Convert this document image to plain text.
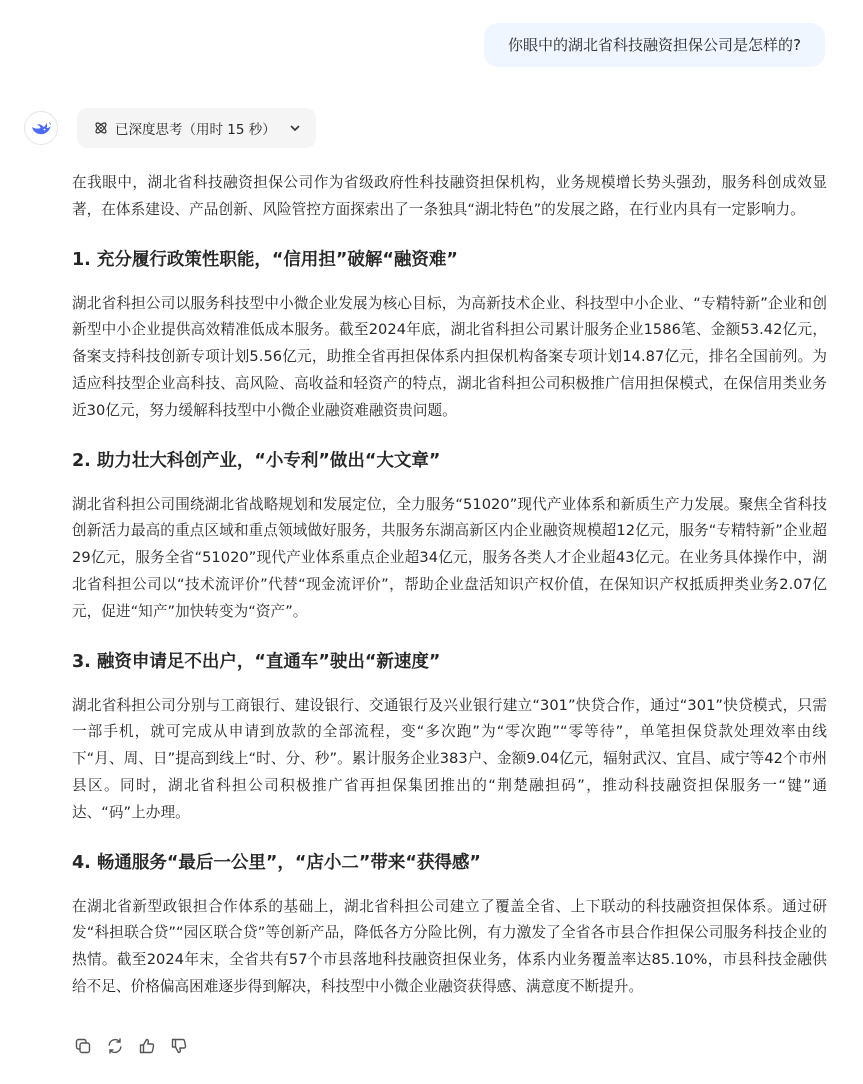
你眼中的湖北省科技融资担保公司是怎样的?
已深度思考（用时 15 秒）

在我眼中，湖北省科技融资担保公司作为省级政府性科技融资担保机构，业务规模增长势头强劲，服务科创成效显著，在体系建设、产品创新、风险管控方面探索出了一条独具“湖北特色”的发展之路，在行业内具有一定影响力。

1. 充分履行政策性职能，“信用担”破解“融资难”

湖北省科担公司以服务科技型中小微企业发展为核心目标，为高新技术企业、科技型中小企业、“专精特新”企业和创新型中小企业提供高效精准低成本服务。截至2024年底，湖北省科担公司累计服务企业1586笔、金额53.42亿元，备案支持科技创新专项计划5.56亿元，助推全省再担保体系内担保机构备案专项计划14.87亿元，排名全国前列。为适应科技型企业高科技、高风险、高收益和轻资产的特点，湖北省科担公司积极推广信用担保模式，在保信用类业务近30亿元，努力缓解科技型中小微企业融资难融资贵问题。

2. 助力壮大科创产业，“小专利”做出“大文章”

湖北省科担公司围绕湖北省战略规划和发展定位，全力服务“51020”现代产业体系和新质生产力发展。聚焦全省科技创新活力最高的重点区域和重点领域做好服务，共服务东湖高新区内企业融资规模超12亿元，服务“专精特新”企业超29亿元，服务全省“51020”现代产业体系重点企业超34亿元，服务各类人才企业超43亿元。在业务具体操作中，湖北省科担公司以“技术流评价”代替“现金流评价”，帮助企业盘活知识产权价值，在保知识产权抵质押类业务2.07亿元，促进“知产”加快转变为“资产”。

3. 融资申请足不出户，“直通车”驶出“新速度”

湖北省科担公司分别与工商银行、建设银行、交通银行及兴业银行建立“301”快贷合作，通过“301”快贷模式，只需一部手机，就可完成从申请到放款的全部流程，变“多次跑”为“零次跑”“零等待”，单笔担保贷款处理效率由线下“月、周、日”提高到线上“时、分、秒”。累计服务企业383户、金额9.04亿元，辐射武汉、宜昌、咸宁等42个市州县区。同时，湖北省科担公司积极推广省再担保集团推出的“荆楚融担码”，推动科技融资担保服务一“键”通达、“码”上办理。

4. 畅通服务“最后一公里”，“店小二”带来“获得感”

在湖北省新型政银担合作体系的基础上，湖北省科担公司建立了覆盖全省、上下联动的科技融资担保体系。通过研发“科担联合贷”“园区联合贷”等创新产品，降低各方分险比例，有力激发了全省各市县合作担保公司服务科技企业的热情。截至2024年末，全省共有57个市县落地科技融资担保业务，体系内业务覆盖率达85.10%，市县科技金融供给不足、价格偏高困难逐步得到解决，科技型中小微企业融资获得感、满意度不断提升。
